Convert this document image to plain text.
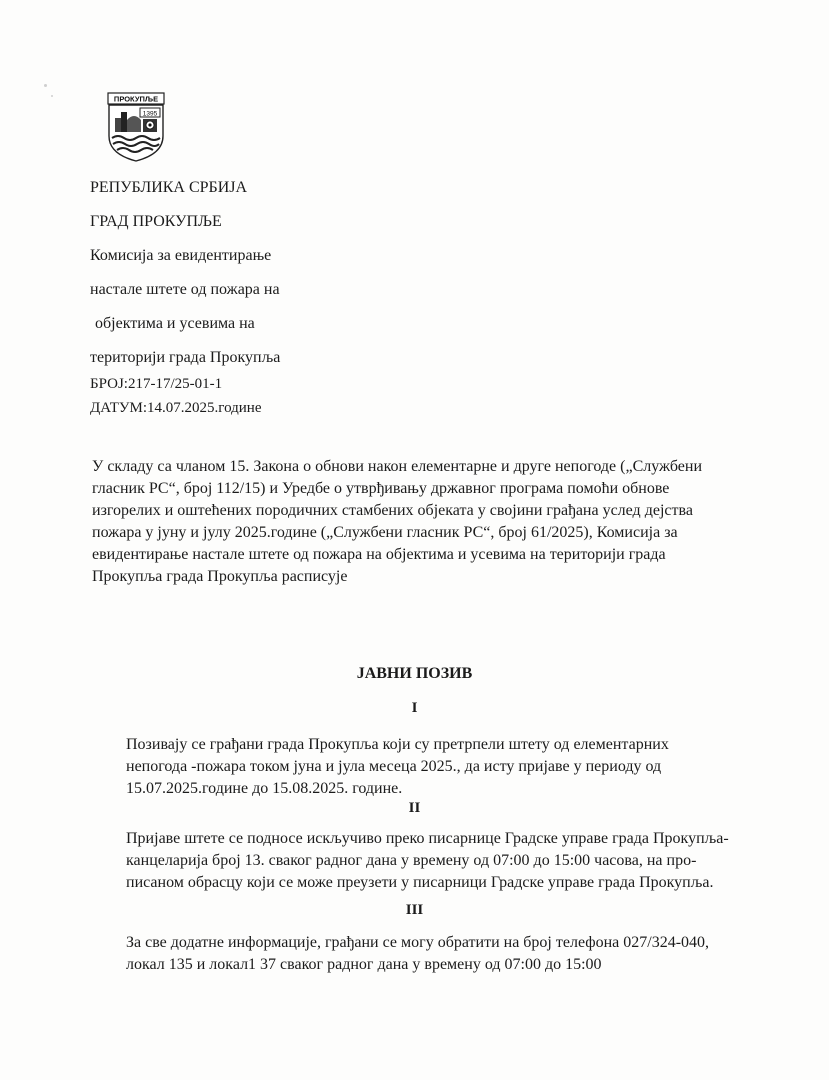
ПРОКУПЉЕ
1395
РЕПУБЛИКА СРБИЈА
ГРАД ПРОКУПЉЕ
Комисија за евидентирање
настале штете од пожара на
објектима и усевима на
територији града Прокупља
БРОЈ:217-17/25-01-1
ДАТУМ:14.07.2025.године
У складу са чланом 15. Закона о обнови након елементарне и друге непогоде („Службени
гласник РС“, број 112/15) и Уредбе о утврђивању државног програма помоћи обнове
изгорелих и оштећених породичних стамбених објеката у својини грађана услед дејства
пожара у јуну и јулу 2025.године („Службени гласник РС“, број 61/2025), Комисија за
евидентирање настале штете од пожара на објектима и усевима на територији града
Прокупља града Прокупља расписује
ЈАВНИ ПОЗИВ
I
Позивају се грађани града Прокупља који су претрпели штету од елементарних
непогода -пожара током јуна и јула месеца 2025., да исту пријаве у периоду од
15.07.2025.године до 15.08.2025. године.
II
Пријаве штете се подносе искључиво преко писарнице Градске управе града Прокупља-
канцеларија број 13. сваког радног дана у времену од 07:00 до 15:00 часова, на про-
писаном обрасцу који се може преузети у писарници Градске управе града Прокупља.
III
За све додатне информације, грађани се могу обратити на број телефона 027/324-040,
локал 135 и локал1 37 сваког радног дана у времену од 07:00 до 15:00
